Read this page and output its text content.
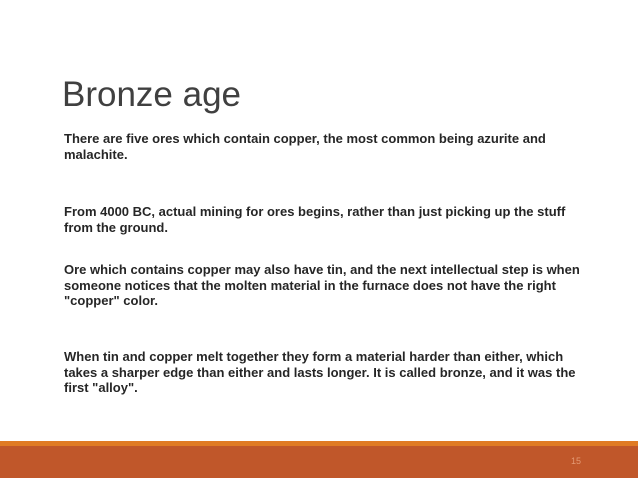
Bronze age

There are five ores which contain copper, the most common being azurite and malachite.

From 4000 BC, actual mining for ores begins, rather than just picking up the stuff from the ground.

Ore which contains copper may also have tin, and the next intellectual step is when someone notices that the molten material in the furnace does not have the right "copper" color.

When tin and copper melt together they form a material harder than either, which takes a sharper edge than either and lasts longer. It is called bronze, and it was the first "alloy".

15
